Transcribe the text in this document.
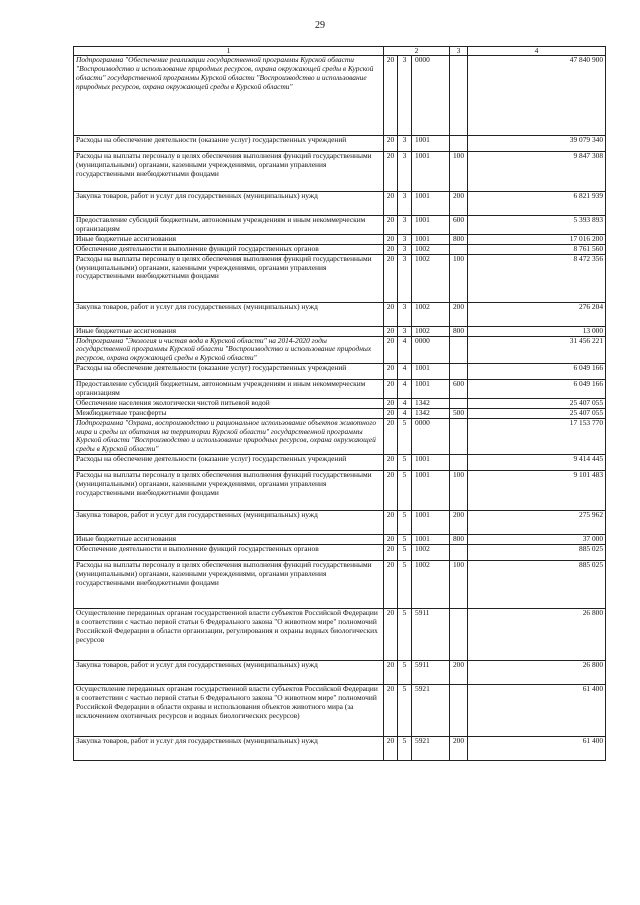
29
1	2			3	4
Подпрограмма "Обеспечение реализации государственной программы Курской области "Воспроизводство и использование природных ресурсов, охрана окружающей среды в Курской области" государственной программы Курской области "Воспроизводство и использование природных ресурсов, охрана окружающей среды в Курской области"	20	3	0000		47 840 900
Расходы на обеспечение деятельности (оказание услуг) государственных учреждений	20	3	1001		39 079 340
Расходы на выплаты персоналу в целях обеспечения выполнения функций государственными (муниципальными) органами, казенными учреждениями, органами управления государственными внебюджетными фондами	20	3	1001	100	9 847 308
Закупка товаров, работ и услуг для государственных (муниципальных) нужд	20	3	1001	200	6 821 939
Предоставление субсидий бюджетным, автономным учреждениям и иным некоммерческим организациям	20	3	1001	600	5 393 893
Иные бюджетные ассигнования	20	3	1001	800	17 016 200
Обеспечение деятельности и выполнение функций государственных органов	20	3	1002		8 761 560
Расходы на выплаты персоналу в целях обеспечения выполнения функций государственными (муниципальными) органами, казенными учреждениями, органами управления государственными внебюджетными фондами	20	3	1002	100	8 472 356
Закупка товаров, работ и услуг для государственных (муниципальных) нужд	20	3	1002	200	276 204
Иные бюджетные ассигнования	20	3	1002	800	13 000
Подпрограмма "Экология и чистая вода в Курской области" на 2014-2020 годы государственной программы Курской области "Воспроизводство и использование природных ресурсов, охрана окружающей среды в Курской области"	20	4	0000		31 456 221
Расходы на обеспечение деятельности (оказание услуг) государственных учреждений	20	4	1001		6 049 166
Предоставление субсидий бюджетным, автономным учреждениям и иным некоммерческим организациям	20	4	1001	600	6 049 166
Обеспечение населения экологически чистой питьевой водой	20	4	1342		25 407 055
Межбюджетные трансферты	20	4	1342	500	25 407 055
Подпрограмма "Охрана, воспроизводство и рациональное использование объектов животного мира и среды их обитания на территории Курской области" государственной программы Курской области "Воспроизводство и использование природных ресурсов, охрана окружающей среды в Курской области"	20	5	0000		17 153 770
Расходы на обеспечение деятельности (оказание услуг) государственных учреждений	20	5	1001		9 414 445
Расходы на выплаты персоналу в целях обеспечения выполнения функций государственными (муниципальными) органами, казенными учреждениями, органами управления государственными внебюджетными фондами	20	5	1001	100	9 101 483
Закупка товаров, работ и услуг для государственных (муниципальных) нужд	20	5	1001	200	275 962
Иные бюджетные ассигнования	20	5	1001	800	37 000
Обеспечение деятельности и выполнение функций государственных органов	20	5	1002		885 025
Расходы на выплаты персоналу в целях обеспечения выполнения функций государственными (муниципальными) органами, казенными учреждениями, органами управления государственными внебюджетными фондами	20	5	1002	100	885 025
Осуществление переданных органам государственной власти субъектов Российской Федерации в соответствии с частью первой статьи 6 Федерального закона "О животном мире" полномочий Российской Федерации в области организации, регулирования и охраны водных биологических ресурсов	20	5	5911		26 800
Закупка товаров, работ и услуг для государственных (муниципальных) нужд	20	5	5911	200	26 800
Осуществление переданных органам государственной власти субъектов Российской Федерации в соответствии с частью первой статьи 6 Федерального закона "О животном мире" полномочий Российской Федерации в области охраны и использования объектов животного мира (за исключением охотничьих ресурсов и водных биологических ресурсов)	20	5	5921		61 400
Закупка товаров, работ и услуг для государственных (муниципальных) нужд	20	5	5921	200	61 400
